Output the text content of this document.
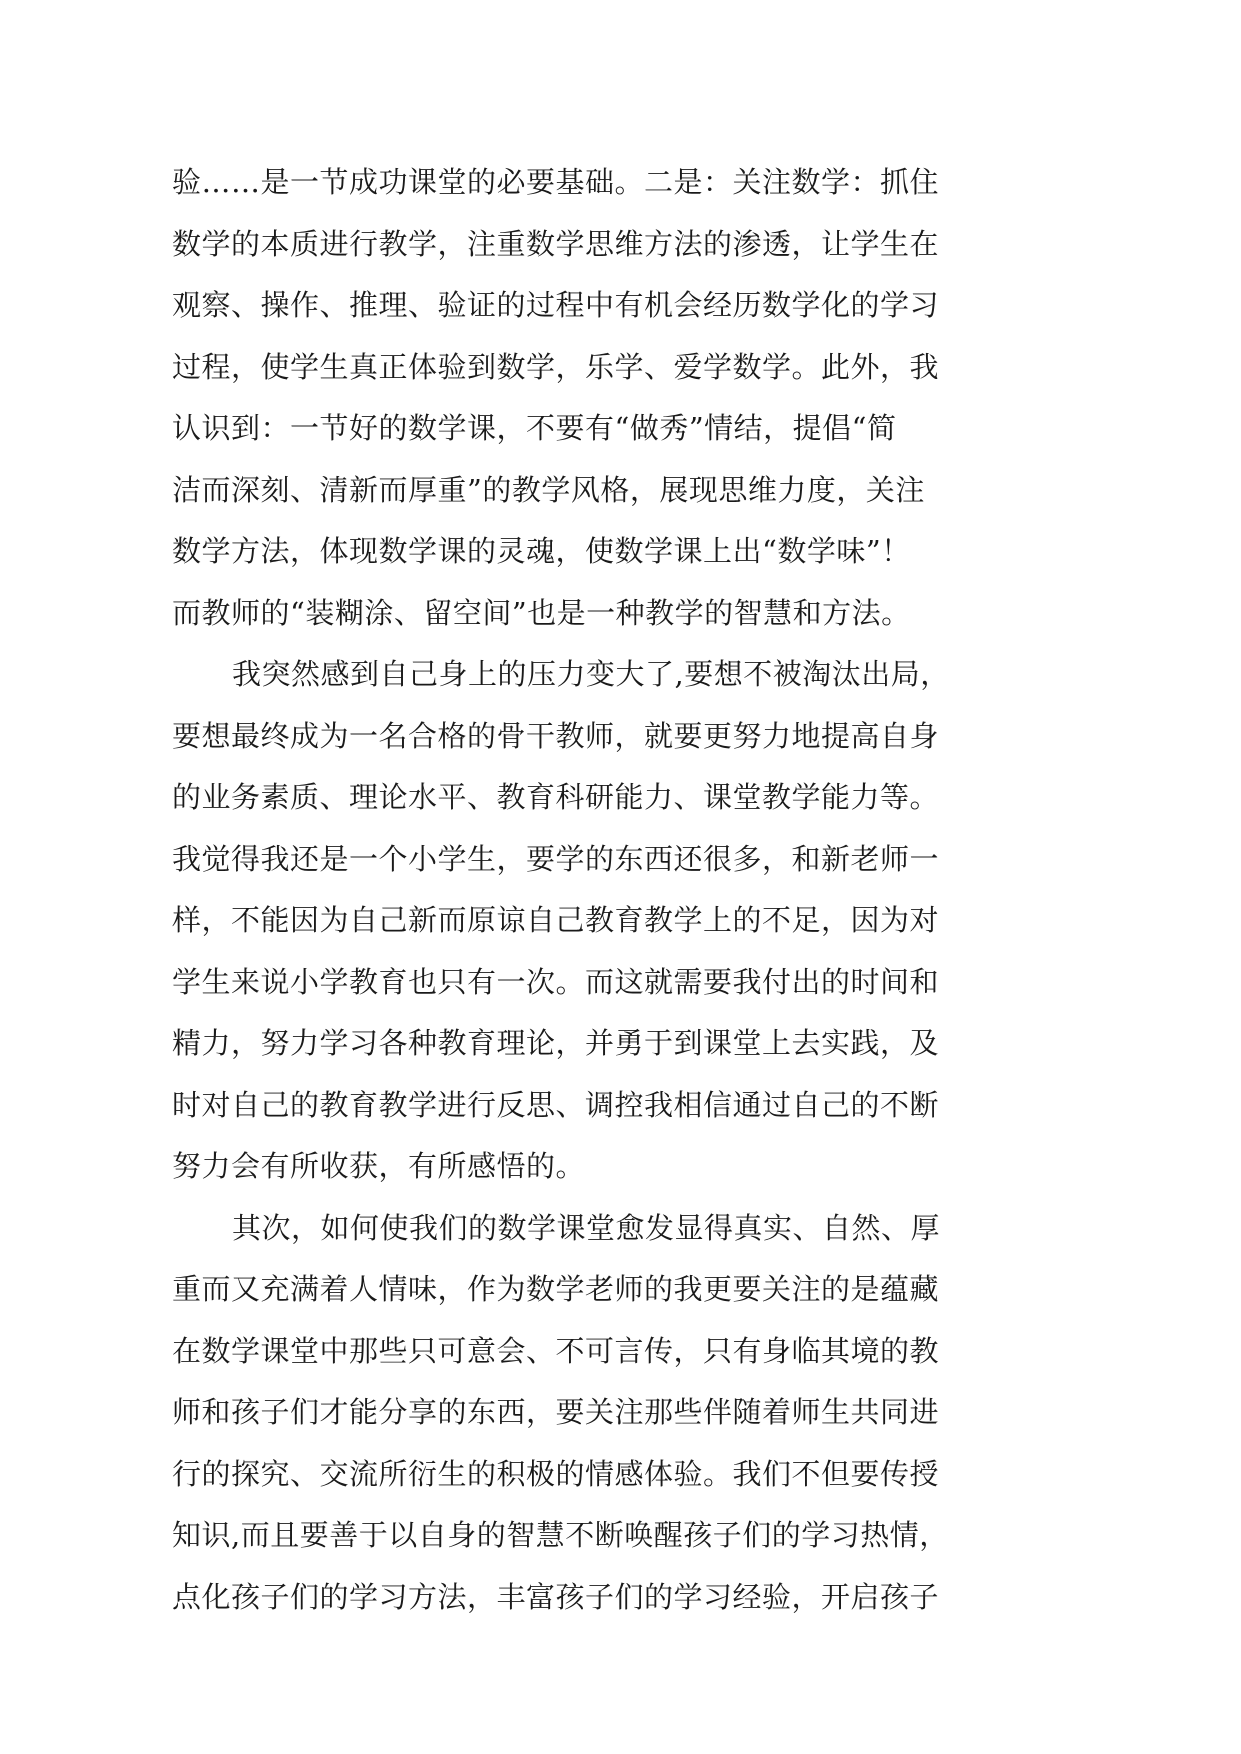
验……是一节成功课堂的必要基础。二是：关注数学：抓住
数学的本质进行教学，注重数学思维方法的渗透，让学生在
观察、操作、推理、验证的过程中有机会经历数学化的学习
过程，使学生真正体验到数学，乐学、爱学数学。此外，我
认识到：一节好的数学课，不要有“做秀”情结，提倡“简
洁而深刻、清新而厚重”的教学风格，展现思维力度，关注
数学方法，体现数学课的灵魂，使数学课上出“数学味”！
而教师的“装糊涂、留空间”也是一种教学的智慧和方法。
我突然感到自己身上的压力变大了,要想不被淘汰出局，
要想最终成为一名合格的骨干教师，就要更努力地提高自身
的业务素质、理论水平、教育科研能力、课堂教学能力等。
我觉得我还是一个小学生，要学的东西还很多，和新老师一
样，不能因为自己新而原谅自己教育教学上的不足，因为对
学生来说小学教育也只有一次。而这就需要我付出的时间和
精力，努力学习各种教育理论，并勇于到课堂上去实践，及
时对自己的教育教学进行反思、调控我相信通过自己的不断
努力会有所收获，有所感悟的。
其次，如何使我们的数学课堂愈发显得真实、自然、厚
重而又充满着人情味，作为数学老师的我更要关注的是蕴藏
在数学课堂中那些只可意会、不可言传，只有身临其境的教
师和孩子们才能分享的东西，要关注那些伴随着师生共同进
行的探究、交流所衍生的积极的情感体验。我们不但要传授
知识,而且要善于以自身的智慧不断唤醒孩子们的学习热情，
点化孩子们的学习方法，丰富孩子们的学习经验，开启孩子
